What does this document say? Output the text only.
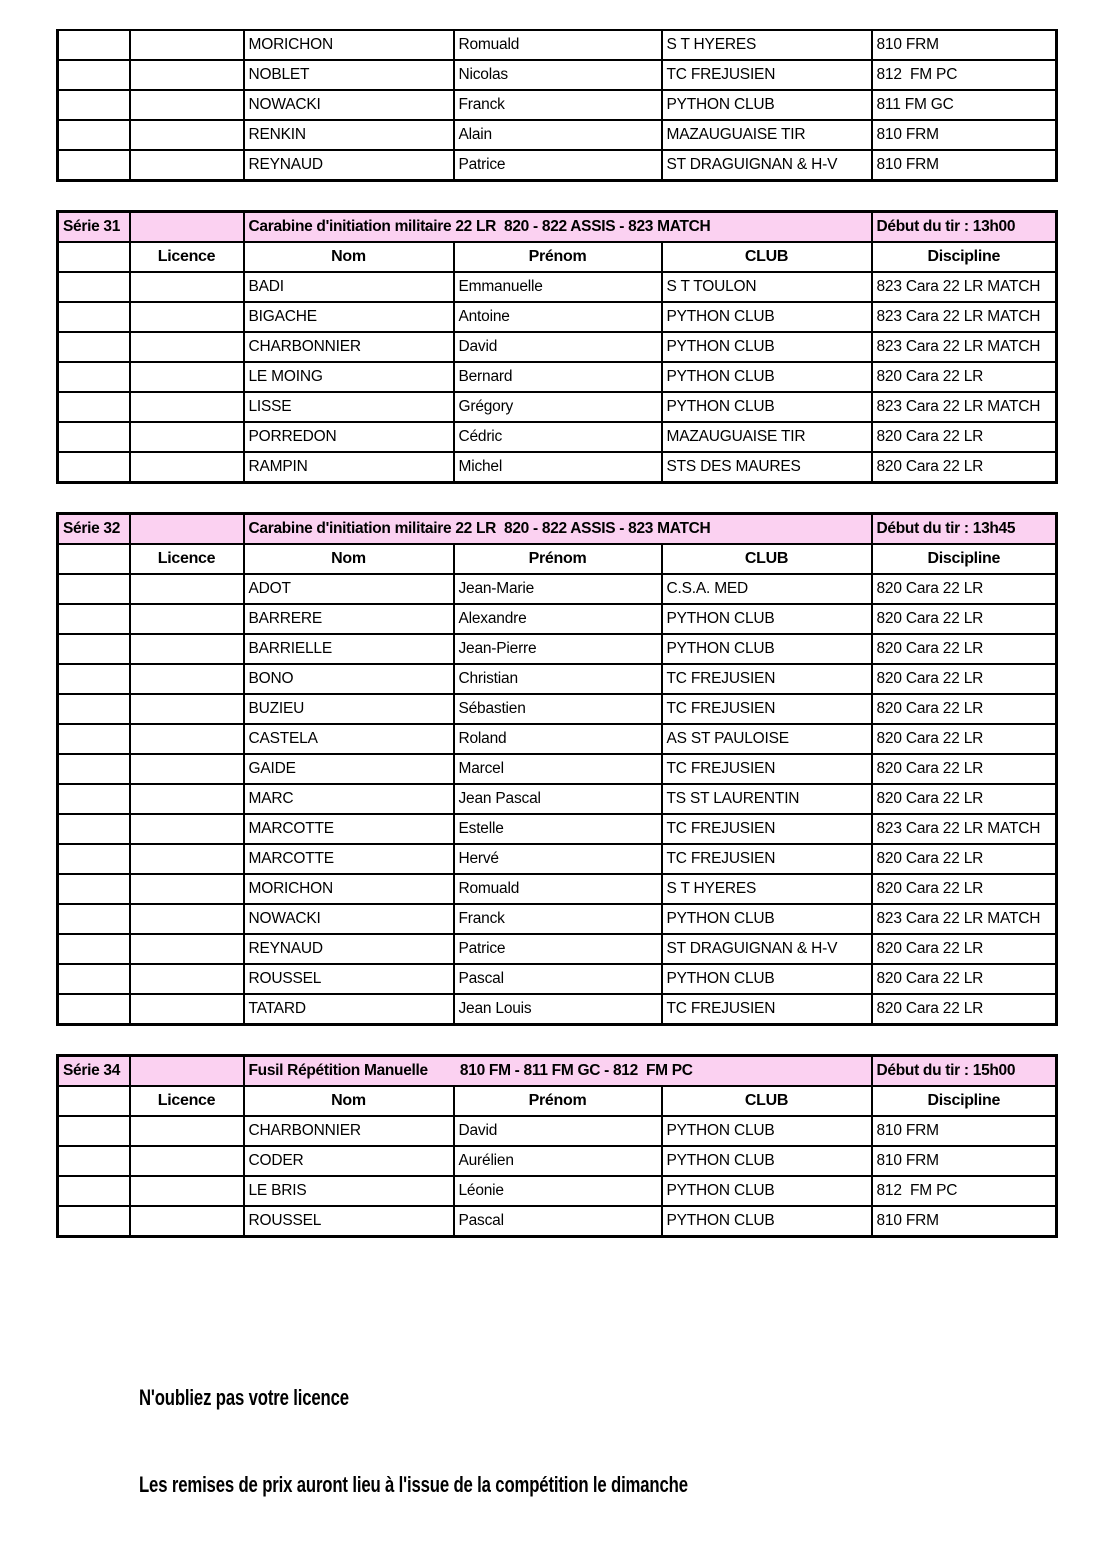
		MORICHON	Romuald	S T HYERES	810 FRM
		NOBLET	Nicolas	TC FREJUSIEN	812  FM PC
		NOWACKI	Franck	PYTHON CLUB	811 FM GC
		RENKIN	Alain	MAZAUGUAISE TIR	810 FRM
		REYNAUD	Patrice	ST DRAGUIGNAN & H-V	810 FRM
Série 31		Carabine d'initiation militaire 22 LR  820 - 822 ASSIS - 823 MATCH			Début du tir : 13h00
	Licence	Nom	Prénom	CLUB	Discipline
		BADI	Emmanuelle	S T TOULON	823 Cara 22 LR MATCH
		BIGACHE	Antoine	PYTHON CLUB	823 Cara 22 LR MATCH
		CHARBONNIER	David	PYTHON CLUB	823 Cara 22 LR MATCH
		LE MOING	Bernard	PYTHON CLUB	820 Cara 22 LR
		LISSE	Grégory	PYTHON CLUB	823 Cara 22 LR MATCH
		PORREDON	Cédric	MAZAUGUAISE TIR	820 Cara 22 LR
		RAMPIN	Michel	STS DES MAURES	820 Cara 22 LR
Série 32		Carabine d'initiation militaire 22 LR  820 - 822 ASSIS - 823 MATCH			Début du tir : 13h45
	Licence	Nom	Prénom	CLUB	Discipline
		ADOT	Jean-Marie	C.S.A. MED	820 Cara 22 LR
		BARRERE	Alexandre	PYTHON CLUB	820 Cara 22 LR
		BARRIELLE	Jean-Pierre	PYTHON CLUB	820 Cara 22 LR
		BONO	Christian	TC FREJUSIEN	820 Cara 22 LR
		BUZIEU	Sébastien	TC FREJUSIEN	820 Cara 22 LR
		CASTELA	Roland	AS ST PAULOISE	820 Cara 22 LR
		GAIDE	Marcel	TC FREJUSIEN	820 Cara 22 LR
		MARC	Jean Pascal	TS ST LAURENTIN	820 Cara 22 LR
		MARCOTTE	Estelle	TC FREJUSIEN	823 Cara 22 LR MATCH
		MARCOTTE	Hervé	TC FREJUSIEN	820 Cara 22 LR
		MORICHON	Romuald	S T HYERES	820 Cara 22 LR
		NOWACKI	Franck	PYTHON CLUB	823 Cara 22 LR MATCH
		REYNAUD	Patrice	ST DRAGUIGNAN & H-V	820 Cara 22 LR
		ROUSSEL	Pascal	PYTHON CLUB	820 Cara 22 LR
		TATARD	Jean Louis	TC FREJUSIEN	820 Cara 22 LR
Série 34		Fusil Répétition Manuelle        810 FM - 811 FM GC - 812  FM PC			Début du tir : 15h00
	Licence	Nom	Prénom	CLUB	Discipline
		CHARBONNIER	David	PYTHON CLUB	810 FRM
		CODER	Aurélien	PYTHON CLUB	810 FRM
		LE BRIS	Léonie	PYTHON CLUB	812  FM PC
		ROUSSEL	Pascal	PYTHON CLUB	810 FRM

N'oubliez pas votre licence

Les remises de prix auront lieu à l'issue de la compétition le dimanche
